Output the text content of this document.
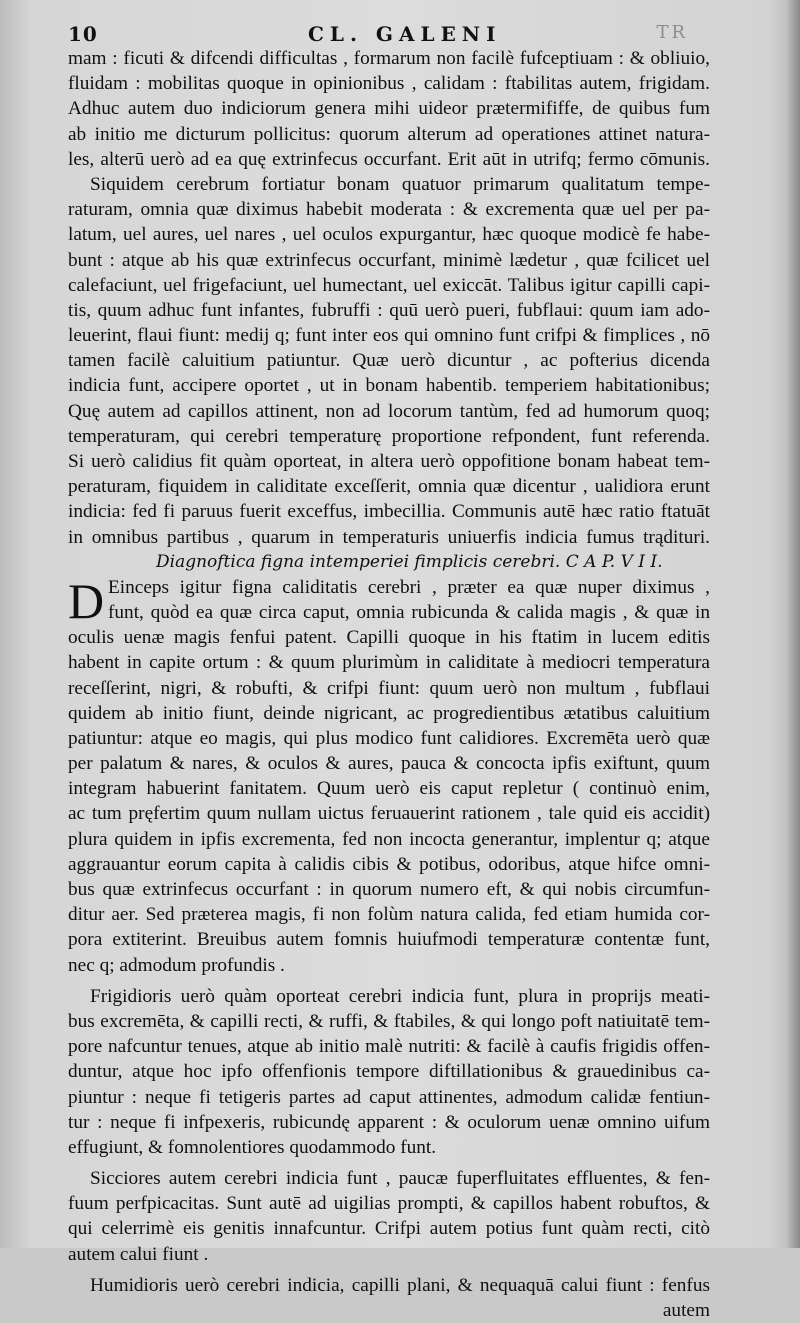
10	CL. GALENI	TR
mam : ficuti & difcendi difficultas , formarum non facilè fufceptiuam : & obliuio,
fluidam : mobilitas quoque in opinionibus , calidam : ftabilitas autem, frigidam.
Adhuc autem duo indiciorum genera mihi uideor prætermififfe, de quibus fum
ab initio me dicturum pollicitus: quorum alterum ad operationes attinet natura-
les, alterū uerò ad ea quę extrinfecus occurfant. Erit aūt in utrifq; fermo cōmunis.
Siquidem cerebrum fortiatur bonam quatuor primarum qualitatum tempe-
raturam, omnia quæ diximus habebit moderata : & excrementa quæ uel per pa-
latum, uel aures, uel nares , uel oculos expurgantur, hæc quoque modicè fe habe-
bunt : atque ab his quæ extrinfecus occurfant, minimè lædetur , quæ fcilicet uel
calefaciunt, uel frigefaciunt, uel humectant, uel exiccāt. Talibus igitur capilli capi-
tis, quum adhuc funt infantes, fubruffi : quū uerò pueri, fubflaui: quum iam ado-
leuerint, flaui fiunt: medij q; funt inter eos qui omnino funt crifpi & fimplices , nō
tamen facilè caluitium patiuntur. Quæ uerò dicuntur , ac pofterius dicenda
indicia funt, accipere oportet , ut in bonam habentib. temperiem habitationibus;
Quę autem ad capillos attinent, non ad locorum tantùm, fed ad humorum quoq;
temperaturam, qui cerebri temperaturę proportione refpondent, funt referenda.
Si uerò calidius fit quàm oporteat, in altera uerò oppofitione bonam habeat tem-
peraturam, fiquidem in caliditate exceſſerit, omnia quæ dicentur , ualidiora erunt
indicia: fed fi paruus fuerit exceffus, imbecillia. Communis autē hæc ratio ftatuāt
in omnibus partibus , quarum in temperaturis uniuerfis indicia fumus trądituri.
Diagnoftica figna intemperiei fimplicis cerebri. C A P. V I I.
D Einceps igitur figna caliditatis cerebri , præter ea quæ nuper diximus ,
funt, quòd ea quæ circa caput, omnia rubicunda & calida magis , & quæ in
oculis uenæ magis fenfui patent. Capilli quoque in his ftatim in lucem editis
habent in capite ortum : & quum plurimùm in caliditate à mediocri temperatura
receſſerint, nigri, & robufti, & crifpi fiunt: quum uerò non multum , fubflaui
quidem ab initio fiunt, deinde nigricant, ac progredientibus ætatibus caluitium
patiuntur: atque eo magis, qui plus modico funt calidiores. Excremēta uerò quæ
per palatum & nares, & oculos & aures, pauca & concocta ipfis exiftunt, quum
integram habuerint fanitatem. Quum uerò eis caput repletur ( continuò enim,
ac tum pręfertim quum nullam uictus feruauerint rationem , tale quid eis accidit)
plura quidem in ipfis excrementa, fed non incocta generantur, implentur q; atque
aggrauantur eorum capita à calidis cibis & potibus, odoribus, atque hifce omni-
bus quæ extrinfecus occurfant : in quorum numero eft, & qui nobis circumfun-
ditur aer. Sed præterea magis, fi non folùm natura calida, fed etiam humida cor-
pora extiterint. Breuibus autem fomnis huiufmodi temperaturæ contentæ funt,
nec q; admodum profundis .
Frigidioris uerò quàm oporteat cerebri indicia funt, plura in proprijs meati-
bus excremēta, & capilli recti, & ruffi, & ftabiles, & qui longo poft natiuitatē tem-
pore nafcuntur tenues, atque ab initio malè nutriti: & facilè à caufis frigidis offen-
duntur, atque hoc ipfo offenfionis tempore diftillationibus & grauedinibus ca-
piuntur : neque fi tetigeris partes ad caput attinentes, admodum calidæ fentiun-
tur : neque fi infpexeris, rubicundę apparent : & oculorum uenæ omnino uifum
effugiunt, & fomnolentiores quodammodo funt.
Sicciores autem cerebri indicia funt , paucæ fuperfluitates effluentes, & fen-
fuum perfpicacitas. Sunt autē ad uigilias prompti, & capillos habent robuftos, &
qui celerrimè eis genitis innafcuntur. Crifpi autem potius funt quàm recti, citò
autem calui fiunt .
Humidioris uerò cerebri indicia, capilli plani, & nequaquā calui fiunt : fenfus
autem
